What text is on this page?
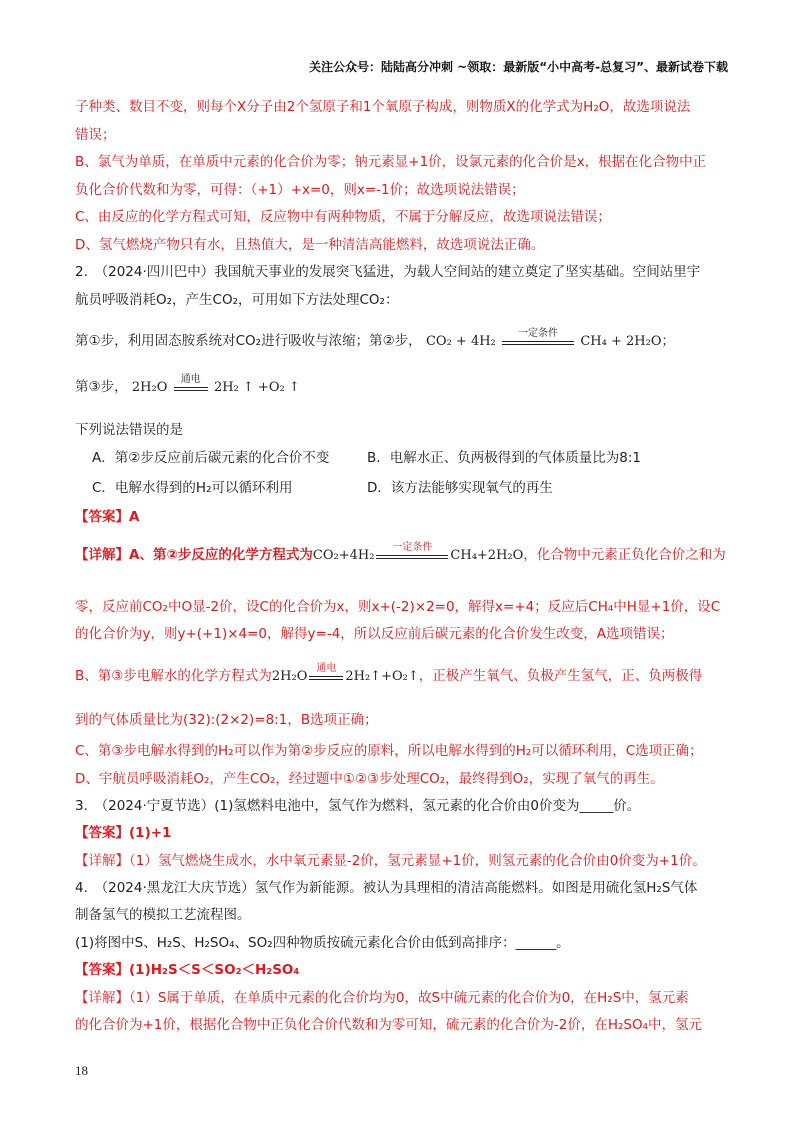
关注公众号：陆陆高分冲刺 ~领取：最新版“小中高考-总复习”、最新试卷下载
子种类、数目不变，则每个X分子由2个氢原子和1个氧原子构成，则物质X的化学式为H₂O，故选项说法
错误；
B、氯气为单质，在单质中元素的化合价为零；钠元素显+1价，设氯元素的化合价是x，根据在化合物中正
负化合价代数和为零，可得：（+1）+x=0，则x=-1价；故选项说法错误；
C、由反应的化学方程式可知，反应物中有两种物质，不属于分解反应，故选项说法错误；
D、氢气燃烧产物只有水，且热值大，是一种清洁高能燃料，故选项说法正确。
2.　（2024·四川巴中）我国航天事业的发展突飞猛进，为载人空间站的建立奠定了坚实基础。空间站里宇
航员呼吸消耗O₂，产生CO₂，可用如下方法处理CO₂：
第①步，利用固态胺系统对CO₂进行吸收与浓缩；第②步， CO₂ + 4H₂
一定条件
CH₄ + 2H₂O；
第③步， 2H₂O
通电
2H₂ ↑ +O₂ ↑
下列说法错误的是
A．第②步反应前后碳元素的化合价不变	B．电解水正、负两极得到的气体质量比为8:1
C．电解水得到的H₂可以循环利用	D．该方法能够实现氧气的再生
【答案】A
【详解】A、第②步反应的化学方程式为CO₂+4H₂
一定条件
CH₄+2H₂O，化合物中元素正负化合价之和为
零，反应前CO₂中O显-2价，设C的化合价为x，则x+(-2)×2=0，解得x=+4；反应后CH₄中H显+1价，设C
的化合价为y，则y+(+1)×4=0，解得y=-4，所以反应前后碳元素的化合价发生改变，A选项错误；
B、第③步电解水的化学方程式为2H₂O
通电
2H₂↑+O₂↑，正极产生氧气、负极产生氢气，正、负两极得
到的气体质量比为(32):(2×2)=8:1，B选项正确；
C、第③步电解水得到的H₂可以作为第②步反应的原料，所以电解水得到的H₂可以循环利用，C选项正确；
D、宇航员呼吸消耗O₂，产生CO₂，经过题中①②③步处理CO₂，最终得到O₂，实现了氧气的再生。
3.　（2024·宁夏节选）(1)氢燃料电池中，氢气作为燃料，氢元素的化合价由0价变为_____价。
【答案】(1)+1
【详解】（1）氢气燃烧生成水，水中氧元素显-2价，氢元素显+1价，则氢元素的化合价由0价变为+1价。
4.　（2024·黑龙江大庆节选）氢气作为新能源。被认为具理相的清洁高能燃料。如图是用硫化氢H₂S气体
制备氢气的模拟工艺流程图。
(1)将图中S、H₂S、H₂SO₄、SO₂四种物质按硫元素化合价由低到高排序：______。
【答案】(1)H₂S＜S＜SO₂＜H₂SO₄
【详解】（1）S属于单质，在单质中元素的化合价均为0，故S中硫元素的化合价为0，在H₂S中，氢元素
的化合价为+1价，根据化合物中正负化合价代数和为零可知，硫元素的化合价为-2价，在H₂SO₄中，氢元
18
